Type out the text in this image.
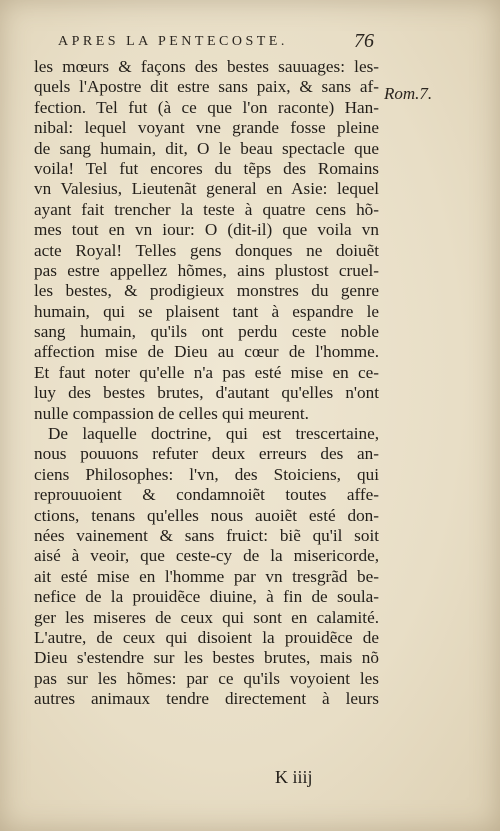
APRES LA PENTECOSTE.	76
Rom.7.
les mœurs & façons des bestes sauuages: les-
quels l'Apostre dit estre sans paix, & sans af-
fection. Tel fut (à ce que l'on raconte) Han-
nibal: lequel voyant vne grande fosse pleine
de sang humain, dit, O le beau spectacle que
voila! Tel fut encores du tẽps des Romains
vn Valesius, Lieutenãt general en Asie: lequel
ayant fait trencher la teste à quatre cens hõ-
mes tout en vn iour: O (dit-il) que voila vn
acte Royal! Telles gens donques ne doiuẽt
pas estre appellez hõmes, ains plustost cruel-
les bestes, & prodigieux monstres du genre
humain, qui se plaisent tant à espandre le
sang humain, qu'ils ont perdu ceste noble
affection mise de Dieu au cœur de l'homme.
Et faut noter qu'elle n'a pas esté mise en ce-
luy des bestes brutes, d'autant qu'elles n'ont
nulle compassion de celles qui meurent.
De laquelle doctrine, qui est trescertaine,
nous pouuons refuter deux erreurs des an-
ciens Philosophes: l'vn, des Stoiciens, qui
reprouuoient & condamnoiẽt toutes affe-
ctions, tenans qu'elles nous auoiẽt esté don-
nées vainement & sans fruict: biẽ qu'il soit
aisé à veoir, que ceste-cy de la misericorde,
ait esté mise en l'homme par vn tresgrãd be-
nefice de la prouidẽce diuine, à fin de soula-
ger les miseres de ceux qui sont en calamité.
L'autre, de ceux qui disoient la prouidẽce de
Dieu s'estendre sur les bestes brutes, mais nõ
pas sur les hõmes: par ce qu'ils voyoient les
autres animaux tendre directement à leurs
K iiij
